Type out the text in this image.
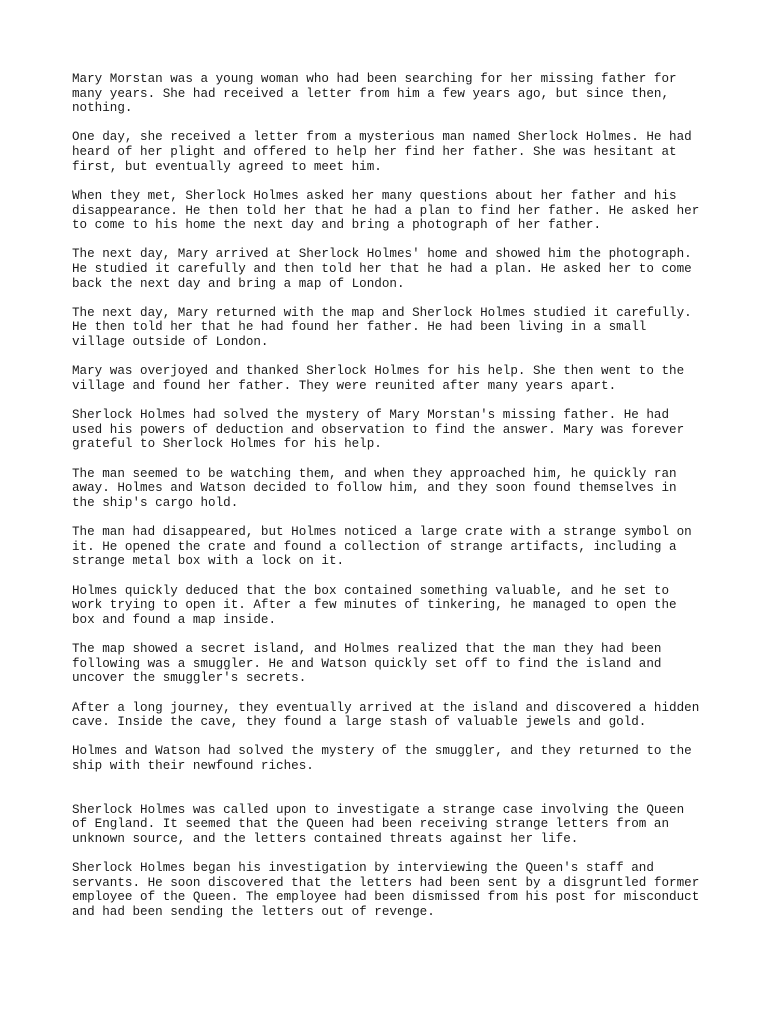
Mary Morstan was a young woman who had been searching for her missing father for
many years. She had received a letter from him a few years ago, but since then,
nothing.

One day, she received a letter from a mysterious man named Sherlock Holmes. He had
heard of her plight and offered to help her find her father. She was hesitant at
first, but eventually agreed to meet him.

When they met, Sherlock Holmes asked her many questions about her father and his
disappearance. He then told her that he had a plan to find her father. He asked her
to come to his home the next day and bring a photograph of her father.

The next day, Mary arrived at Sherlock Holmes' home and showed him the photograph.
He studied it carefully and then told her that he had a plan. He asked her to come
back the next day and bring a map of London.

The next day, Mary returned with the map and Sherlock Holmes studied it carefully.
He then told her that he had found her father. He had been living in a small
village outside of London.

Mary was overjoyed and thanked Sherlock Holmes for his help. She then went to the
village and found her father. They were reunited after many years apart.

Sherlock Holmes had solved the mystery of Mary Morstan's missing father. He had
used his powers of deduction and observation to find the answer. Mary was forever
grateful to Sherlock Holmes for his help.

The man seemed to be watching them, and when they approached him, he quickly ran
away. Holmes and Watson decided to follow him, and they soon found themselves in
the ship's cargo hold.

The man had disappeared, but Holmes noticed a large crate with a strange symbol on
it. He opened the crate and found a collection of strange artifacts, including a
strange metal box with a lock on it.

Holmes quickly deduced that the box contained something valuable, and he set to
work trying to open it. After a few minutes of tinkering, he managed to open the
box and found a map inside.

The map showed a secret island, and Holmes realized that the man they had been
following was a smuggler. He and Watson quickly set off to find the island and
uncover the smuggler's secrets.

After a long journey, they eventually arrived at the island and discovered a hidden
cave. Inside the cave, they found a large stash of valuable jewels and gold.

Holmes and Watson had solved the mystery of the smuggler, and they returned to the
ship with their newfound riches.

Sherlock Holmes was called upon to investigate a strange case involving the Queen
of England. It seemed that the Queen had been receiving strange letters from an
unknown source, and the letters contained threats against her life.

Sherlock Holmes began his investigation by interviewing the Queen's staff and
servants. He soon discovered that the letters had been sent by a disgruntled former
employee of the Queen. The employee had been dismissed from his post for misconduct
and had been sending the letters out of revenge.
